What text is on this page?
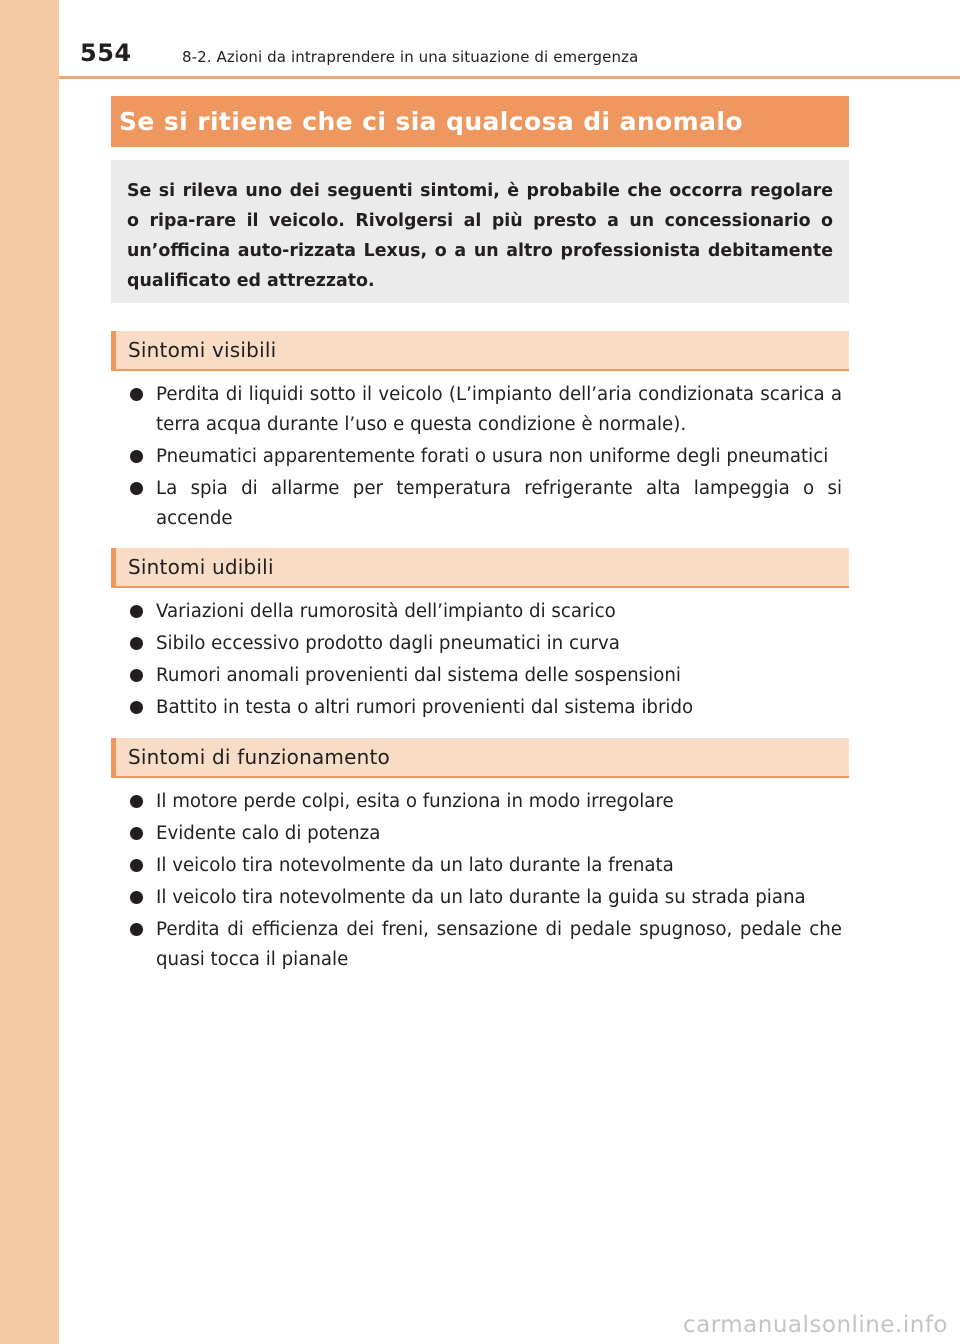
554	8-2. Azioni da intraprendere in una situazione di emergenza
Se si ritiene che ci sia qualcosa di anomalo

Se si rileva uno dei seguenti sintomi, è probabile che occorra regolare o ripa-rare il veicolo. Rivolgersi al più presto a un concessionario o un’officina auto-rizzata Lexus, o a un altro professionista debitamente qualificato ed attrezzato.

Sintomi visibili
Perdita di liquidi sotto il veicolo (L’impianto dell’aria condizionata scarica a terra acqua durante l’uso e questa condizione è normale).
Pneumatici apparentemente forati o usura non uniforme degli pneumatici
La spia di allarme per temperatura refrigerante alta lampeggia o si accende
Sintomi udibili
Variazioni della rumorosità dell’impianto di scarico
Sibilo eccessivo prodotto dagli pneumatici in curva
Rumori anomali provenienti dal sistema delle sospensioni
Battito in testa o altri rumori provenienti dal sistema ibrido
Sintomi di funzionamento
Il motore perde colpi, esita o funziona in modo irregolare
Evidente calo di potenza
Il veicolo tira notevolmente da un lato durante la frenata
Il veicolo tira notevolmente da un lato durante la guida su strada piana
Perdita di efficienza dei freni, sensazione di pedale spugnoso, pedale che quasi tocca il pianale
carmanualsonline.info
